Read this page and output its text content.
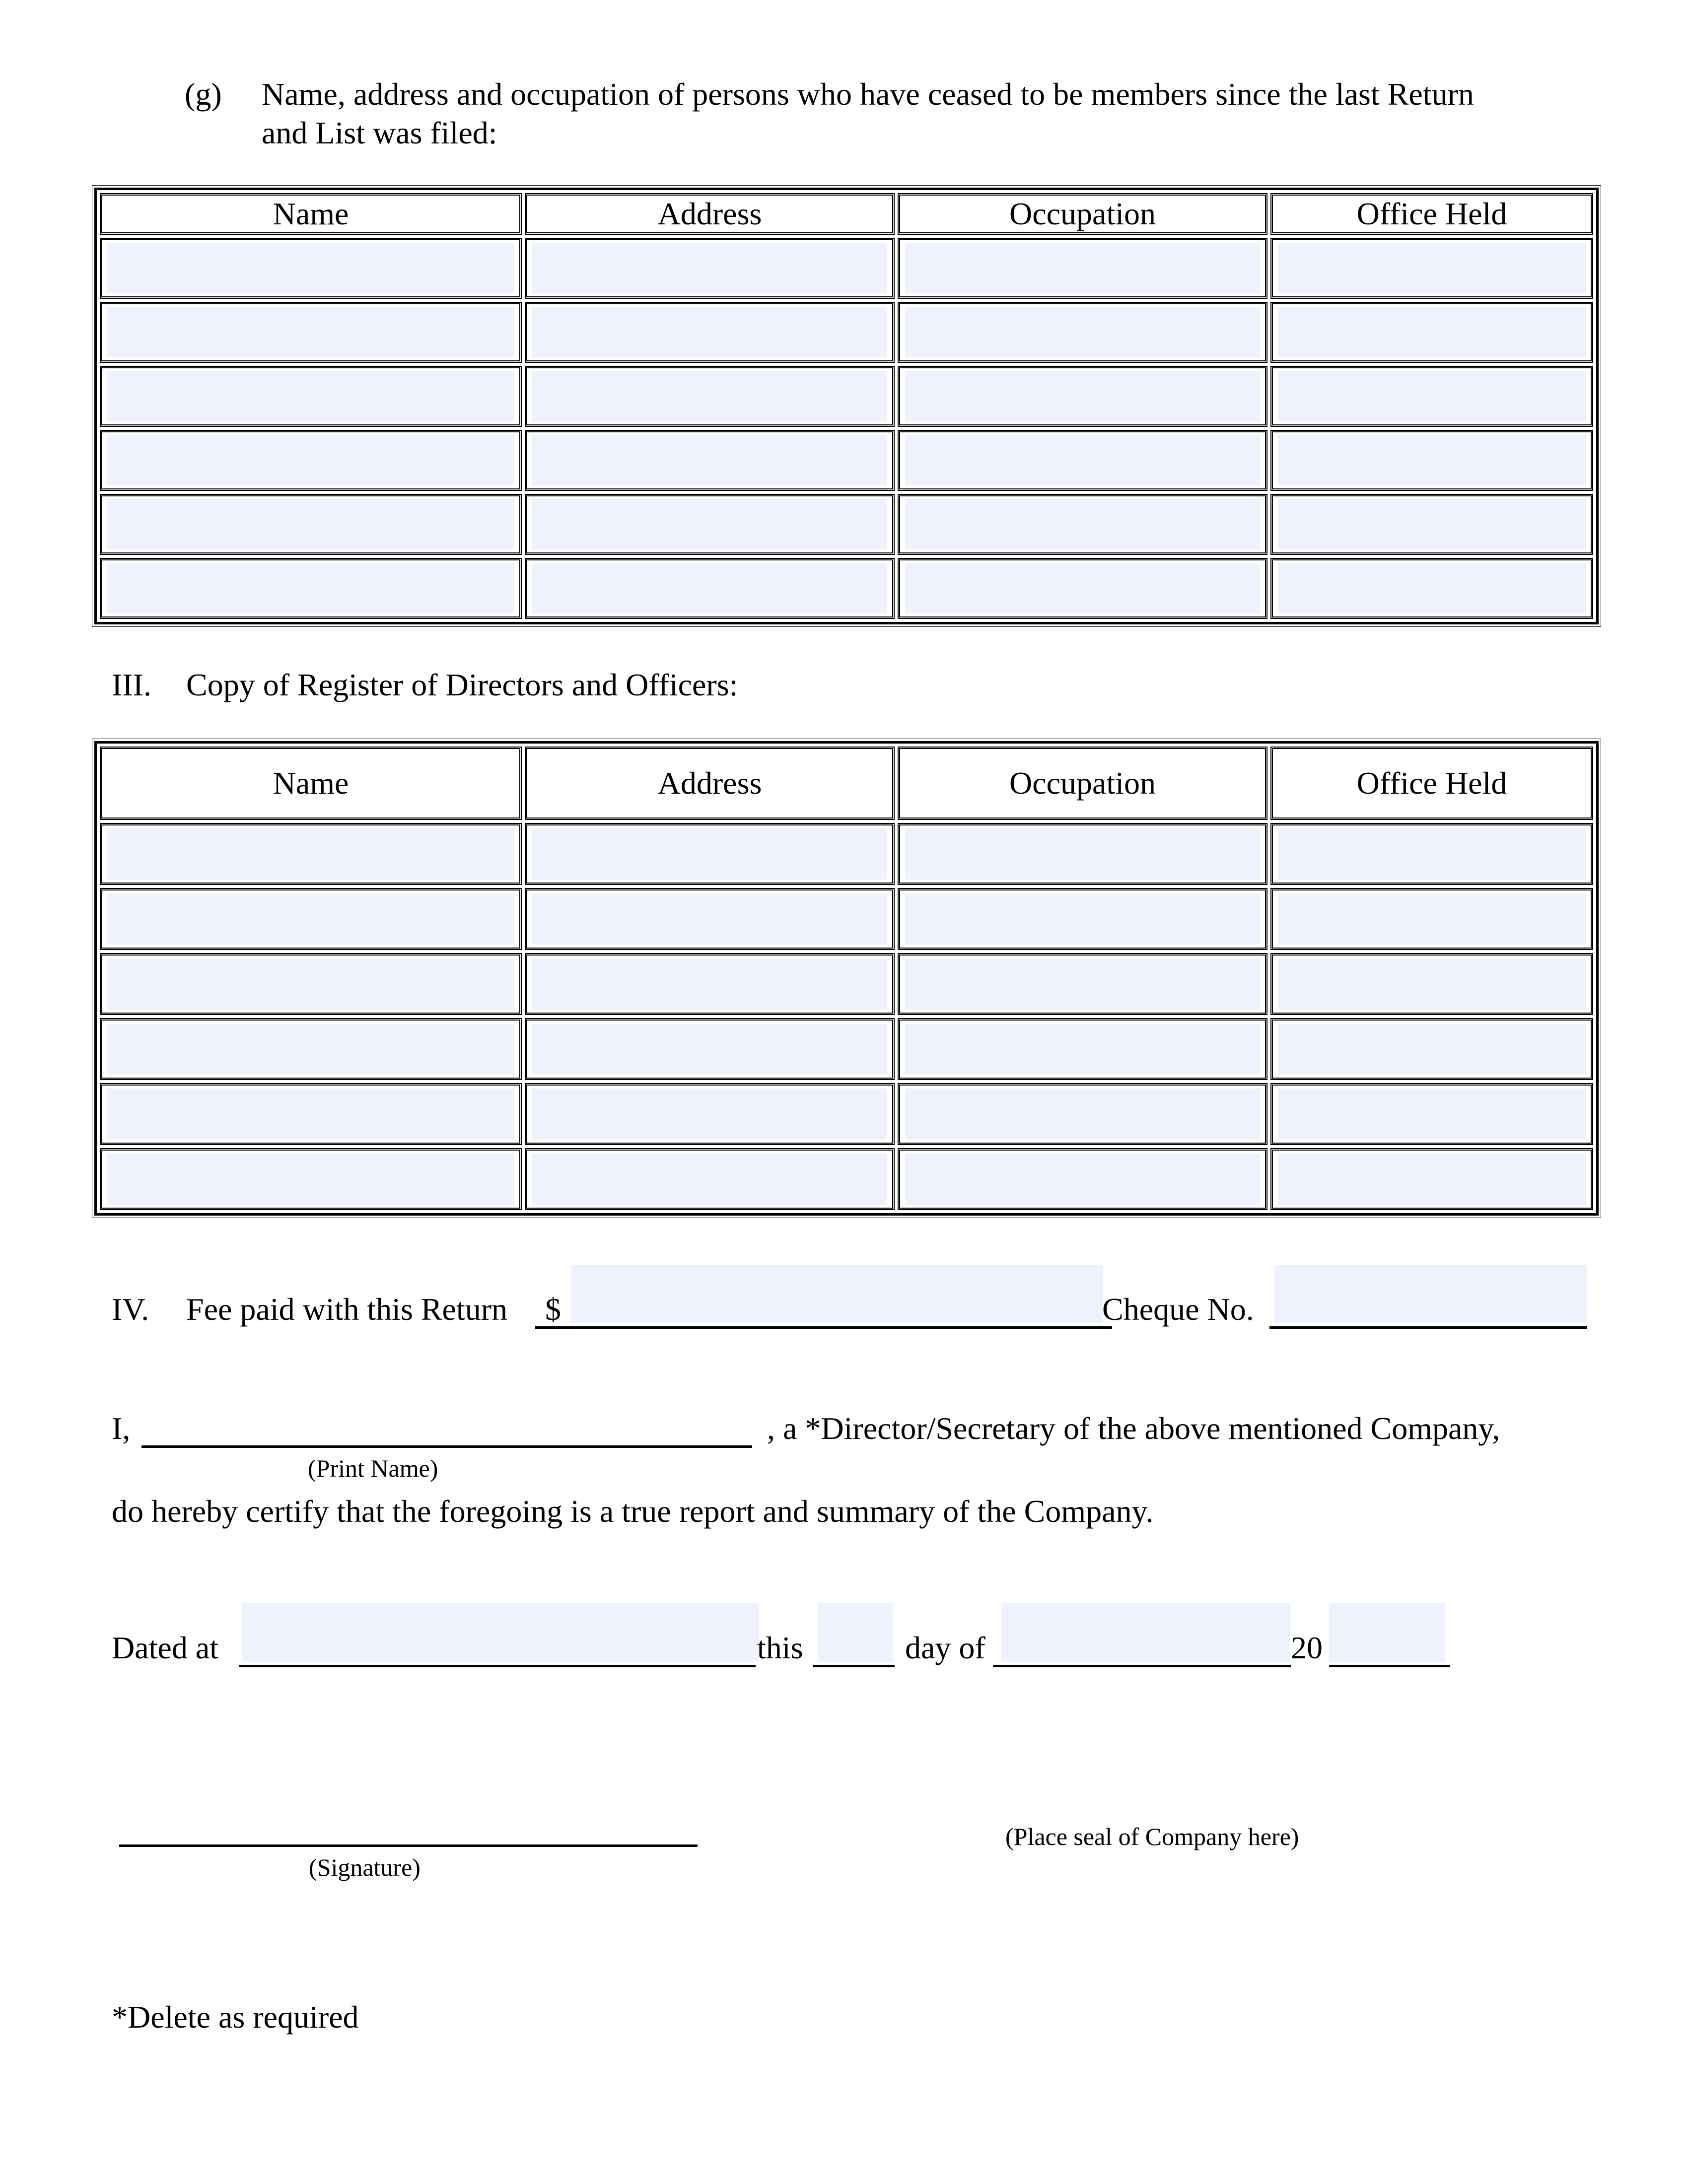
(g) Name, address and occupation of persons who have ceased to be members since the last Return
and List was filed:
Name	Address	Occupation	Office Held

III. Copy of Register of Directors and Officers:
Name	Address	Occupation	Office Held

IV. Fee paid with this Return $	Cheque No.
I,
(Print Name)
, a *Director/Secretary of the above mentioned Company,
do hereby certify that the foregoing is a true report and summary of the Company.
Dated at	this	day of	20
(Signature)
(Place seal of Company here)
*Delete as required
